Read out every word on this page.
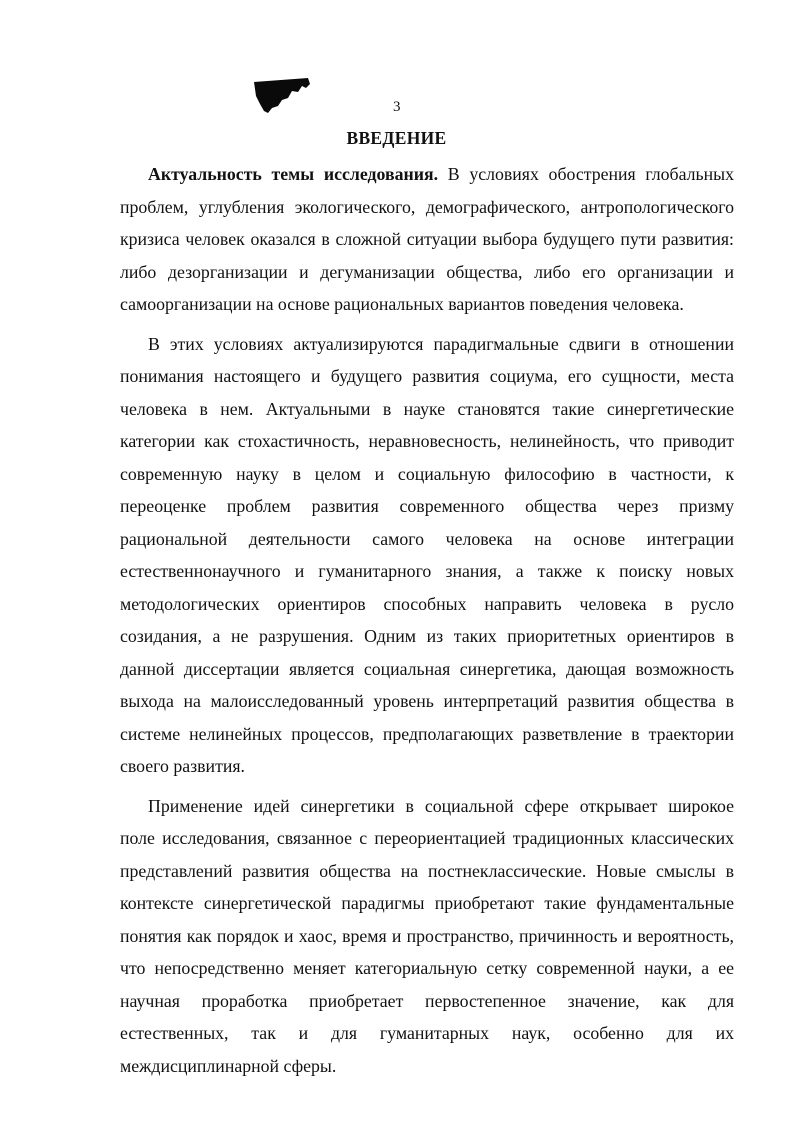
3
ВВЕДЕНИЕ

Актуальность темы исследования. В условиях обострения глобальных
проблем, углубления экологического, демографического, антропологического
кризиса человек оказался в сложной ситуации выбора будущего пути развития:
либо дезорганизации и дегуманизации общества, либо его организации и
самоорганизации на основе рациональных вариантов поведения человека.

В этих условиях актуализируются парадигмальные сдвиги в отношении
понимания настоящего и будущего развития социума, его сущности, места
человека в нем. Актуальными в науке становятся такие синергетические
категории как стохастичность, неравновесность, нелинейность, что приводит
современную науку в целом и социальную философию в частности, к
переоценке проблем развития современного общества через призму
рациональной деятельности самого человека на основе интеграции
естественнонаучного и гуманитарного знания, а также к поиску новых
методологических ориентиров способных направить человека в русло
созидания, а не разрушения. Одним из таких приоритетных ориентиров в
данной диссертации является социальная синергетика, дающая возможность
выхода на малоисследованный уровень интерпретаций развития общества в
системе нелинейных процессов, предполагающих разветвление в траектории
своего развития.

Применение идей синергетики в социальной сфере открывает широкое
поле исследования, связанное с переориентацией традиционных классических
представлений развития общества на постнеклассические. Новые смыслы в
контексте синергетической парадигмы приобретают такие фундаментальные
понятия как порядок и хаос, время и пространство, причинность и вероятность,
что непосредственно меняет категориальную сетку современной науки, а ее
научная проработка приобретает первостепенное значение, как для
естественных, так и для гуманитарных наук, особенно для их
междисциплинарной сферы.
